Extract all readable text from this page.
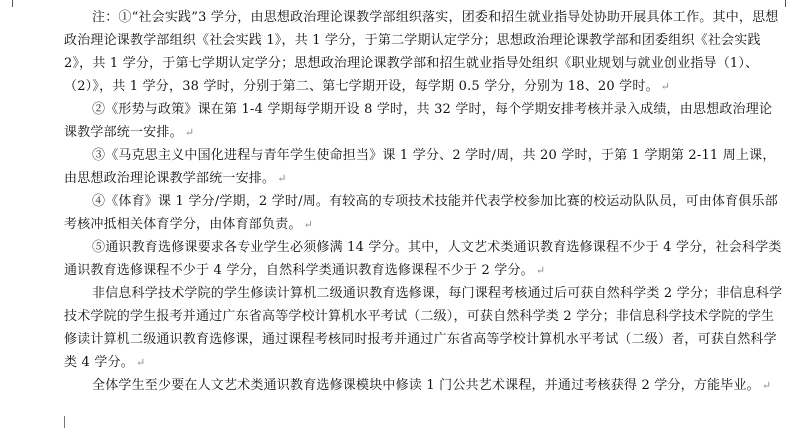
注：①“社会实践”3 学分，由思想政治理论课教学部组织落实，团委和招生就业指导处协助开展具体工作。其中，思想政治理论课教学部组织《社会实践 1》，共 1 学分，于第二学期认定学分；思想政治理论课教学部和团委组织《社会实践 2》，共 1 学分，于第七学期认定学分；思想政治理论课教学部和招生就业指导处组织《职业规划与就业创业指导（1）、（2）》，共 1 学分，38 学时，分别于第二、第七学期开设，每学期 0.5 学分，分别为 18、20 学时。 ↵

②《形势与政策》课在第 1-4 学期每学期开设 8 学时，共 32 学时，每个学期安排考核并录入成绩，由思想政治理论课教学部统一安排。 ↵

③《马克思主义中国化进程与青年学生使命担当》课 1 学分、2 学时/周，共 20 学时，于第 1 学期第 2-11 周上课，由思想政治理论课教学部统一安排。 ↵

④《体育》课 1 学分/学期，2 学时/周。有较高的专项技术技能并代表学校参加比赛的校运动队队员，可由体育俱乐部考核冲抵相关体育学分，由体育部负责。 ↵

⑤通识教育选修课要求各专业学生必须修满 14 学分。其中，人文艺术类通识教育选修课程不少于 4 学分，社会科学类通识教育选修课程不少于 4 学分，自然科学类通识教育选修课程不少于 2 学分。 ↵

非信息科学技术学院的学生修读计算机二级通识教育选修课，每门课程考核通过后可获自然科学类 2 学分；非信息科学技术学院的学生报考并通过广东省高等学校计算机水平考试（二级），可获自然科学类 2 学分；非信息科学技术学院的学生修读计算机二级通识教育选修课，通过课程考核同时报考并通过广东省高等学校计算机水平考试（二级）者，可获自然科学类 4 学分。 ↵

全体学生至少要在人文艺术类通识教育选修课模块中修读 1 门公共艺术课程，并通过考核获得 2 学分，方能毕业。 ↵
